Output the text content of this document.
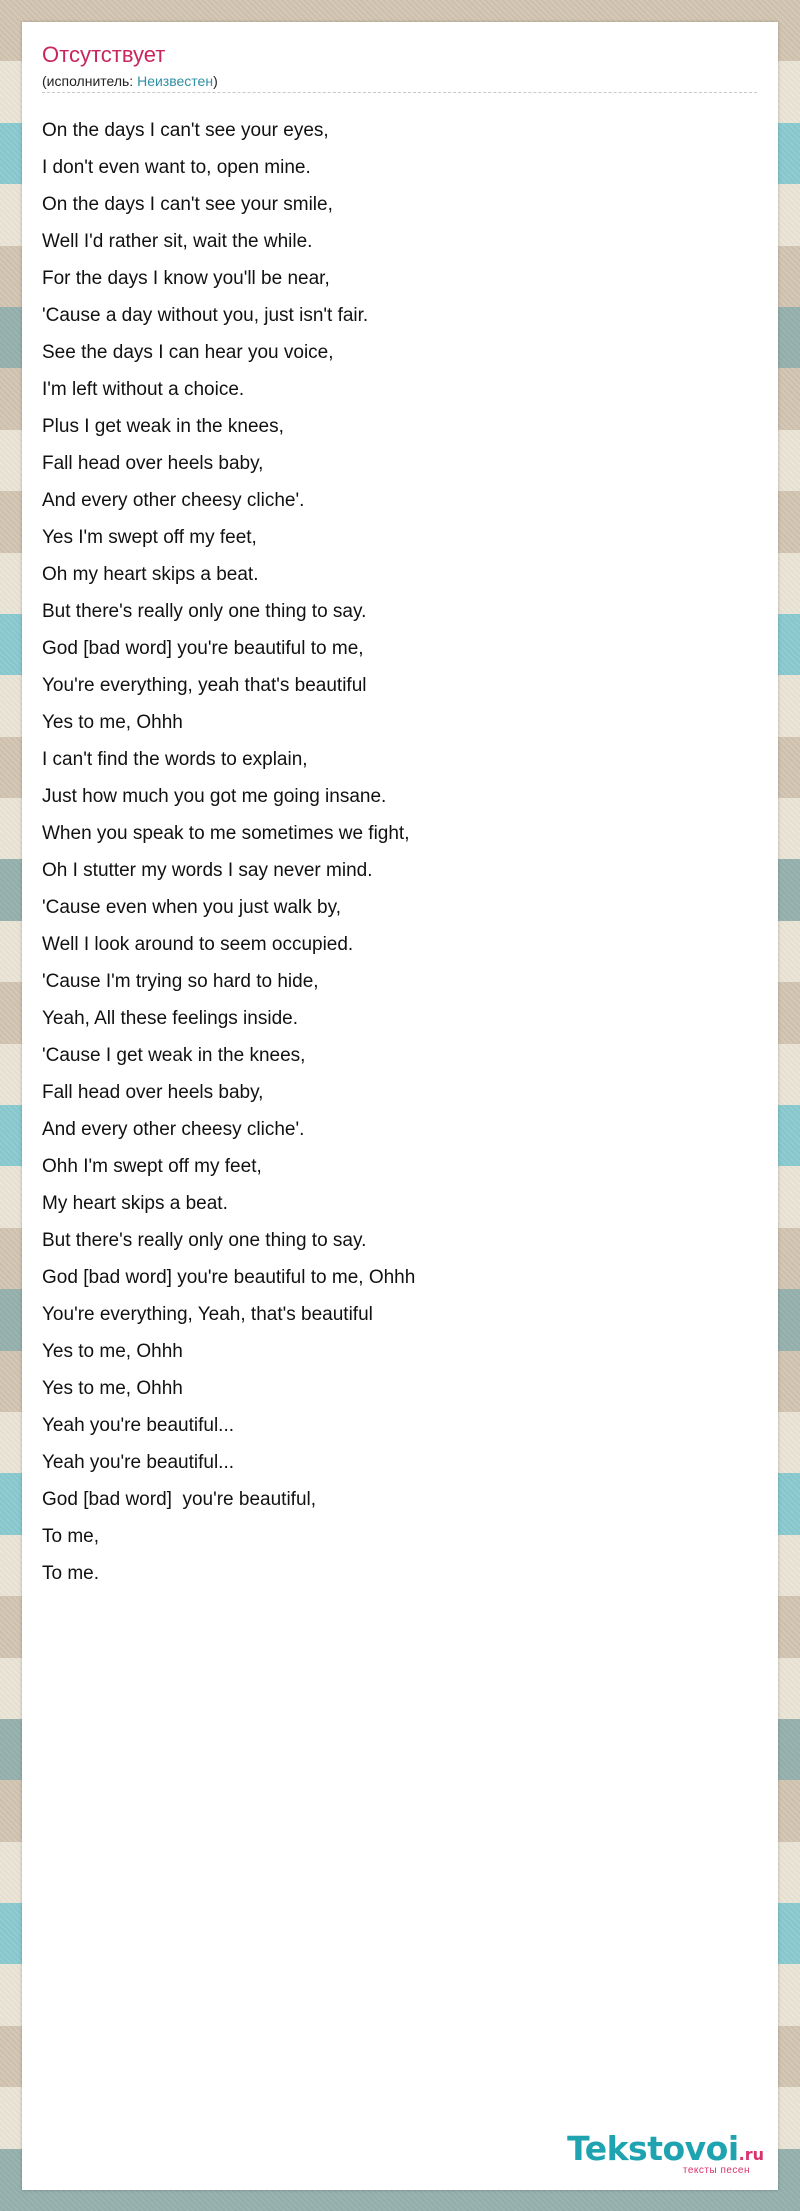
Отсутствует
(исполнитель: Неизвестен)
On the days I can't see your eyes,
I don't even want to, open mine.
On the days I can't see your smile,
Well I'd rather sit, wait the while.
For the days I know you'll be near,
'Cause a day without you, just isn't fair.
See the days I can hear you voice,
I'm left without a choice.
Plus I get weak in the knees,
Fall head over heels baby,
And every other cheesy cliche'.
Yes I'm swept off my feet,
Oh my heart skips a beat.
But there's really only one thing to say.
God [bad word] you're beautiful to me,
You're everything, yeah that's beautiful
Yes to me, Ohhh
I can't find the words to explain,
Just how much you got me going insane.
When you speak to me sometimes we fight,
Oh I stutter my words I say never mind.
'Cause even when you just walk by,
Well I look around to seem occupied.
'Cause I'm trying so hard to hide,
Yeah, All these feelings inside.
'Cause I get weak in the knees,
Fall head over heels baby,
And every other cheesy cliche'.
Ohh I'm swept off my feet,
My heart skips a beat.
But there's really only one thing to say.
God [bad word] you're beautiful to me, Ohhh
You're everything, Yeah, that's beautiful
Yes to me, Ohhh
Yes to me, Ohhh
Yeah you're beautiful...
Yeah you're beautiful...
God [bad word]  you're beautiful,
To me,
To me.
Tekstovoi.ru
тексты песен
